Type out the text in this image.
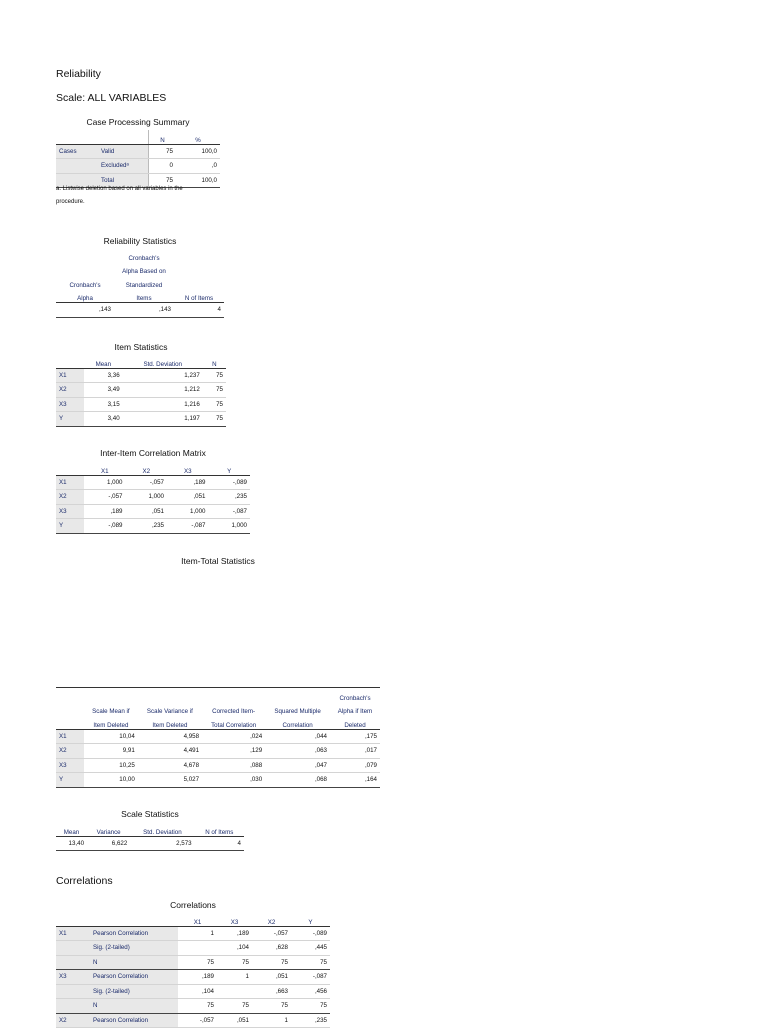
Reliability
Scale: ALL VARIABLES
Case Processing Summary
		N	%
Cases	Valid	75	100,0
	Excludedᵃ	0	,0
	Total	75	100,0
a. Listwise deletion based on all variables in the
procedure.
Reliability Statistics
	Cronbach's	
	Alpha Based on	
Cronbach's	Standardized	
Alpha	Items	N of Items
,143	,143	4
Item Statistics
	Mean	Std. Deviation	N
X1	3,36	1,237	75
X2	3,49	1,212	75
X3	3,15	1,216	75
Y	3,40	1,197	75
Inter-Item Correlation Matrix
	X1	X2	X3	Y
X1	1,000	-,057	,189	-,089
X2	-,057	1,000	,051	,235
X3	,189	,051	1,000	-,087
Y	-,089	,235	-,087	1,000
Item-Total Statistics
					Cronbach's
	Scale Mean if	Scale Variance if	Corrected Item-	Squared Multiple	Alpha if Item
	Item Deleted	Item Deleted	Total Correlation	Correlation	Deleted
X1	10,04	4,958	,024	,044	,175
X2	9,91	4,491	,129	,063	,017
X3	10,25	4,678	,088	,047	,079
Y	10,00	5,027	,030	,068	,164
Scale Statistics
Mean	Variance	Std. Deviation	N of Items
13,40	6,622	2,573	4
Correlations
Correlations
		X1	X3	X2	Y
X1	Pearson Correlation	1	,189	-,057	-,089
	Sig. (2-tailed)		,104	,628	,445
	N	75	75	75	75
X3	Pearson Correlation	,189	1	,051	-,087
	Sig. (2-tailed)	,104		,663	,456
	N	75	75	75	75
X2	Pearson Correlation	-,057	,051	1	,235
